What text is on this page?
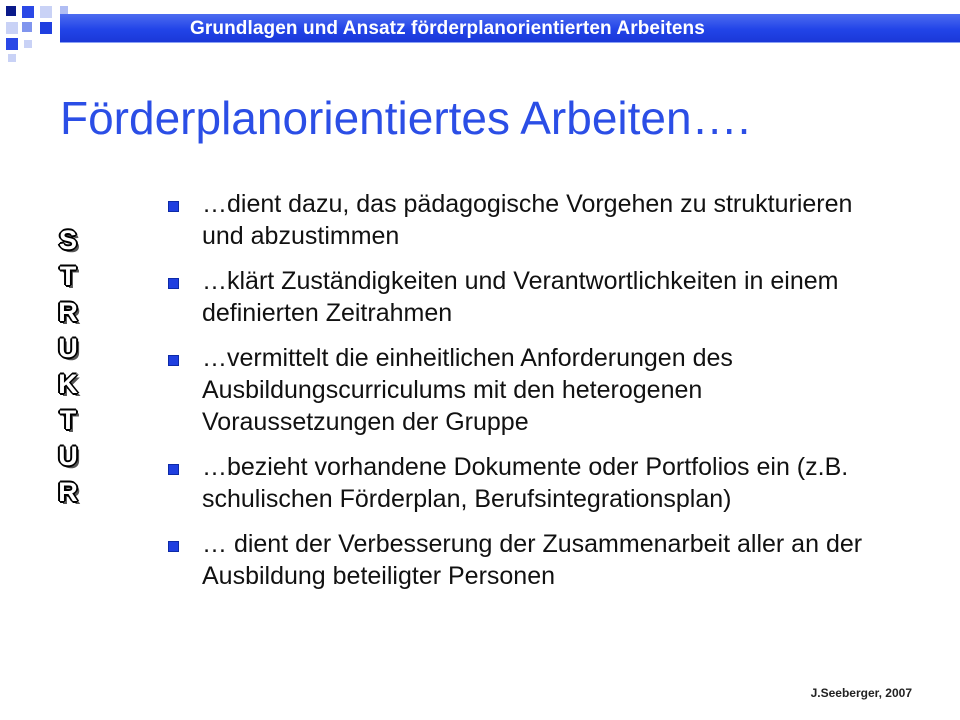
Grundlagen und Ansatz förderplanorientierten Arbeitens
Förderplanorientiertes Arbeiten….
S
T
R
U
K
T
U
R
…dient dazu, das pädagogische Vorgehen zu strukturieren und abzustimmen
…klärt Zuständigkeiten und Verantwortlichkeiten in einem definierten Zeitrahmen
…vermittelt die einheitlichen Anforderungen des Ausbildungscurriculums mit den heterogenen Voraussetzungen der Gruppe
…bezieht vorhandene Dokumente oder Portfolios ein (z.B. schulischen Förderplan, Berufsintegrationsplan)
… dient der Verbesserung der Zusammenarbeit aller an der Ausbildung beteiligter Personen
J.Seeberger, 2007
